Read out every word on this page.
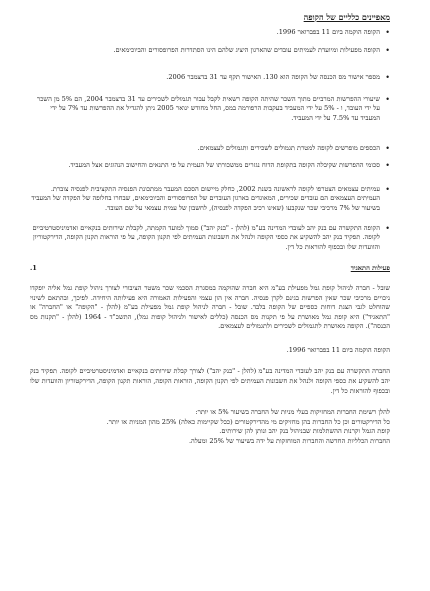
מאפיינים כלליים של הקופה
• הקופה הוקמה ביום 11 בפברואר 1996.
• הקופה מפעילות ומיועדת לעמיתים עובדים שהארגון היציג שלהם הינו הסתדרות הפרופסורים והביוכימאים.
• מספר אישור מס הכנסה של הקופה הוא 130. האישור תקף עד 31 בדצמבר 2006.
• שיעורי ההפרשות המרביים מתוך השכר שהיתה הקופה רשאית לקבל עבור תגמולים לשכירים עד 31 בדצמבר 2004, הם 5% מן השכר על ידי העובד, ו - 5% על ידי המעביד בעקבות הרפורמה במס, החל מחודש ינואר 2005 ניתן להגדיל את ההפרשות עד 7% על ידי המעביד עד 7.5% על ידי המעביד.
• הכספים מופרשים לקופה למטרת תגמולים לשכירים ותגמולים לעצמאים.
• סכומי ההפרשות שקיבלה הקופה בתקופת הדוח נגזרים ממשכורתו של העמית על פי התנאים והחישוב הנהוגים אצל המעביד.
• עמיתים עצמאים הצטרפו לקופה לראשונה בשנת 2002, כחלק מיישום הסכם המעבר ממתכונת הפנסיה התקציבית לפנסיה צוברת. העמיתים העצמאים הם עובדים שכירים, המאוגדים בארגון העובדים של הפרופסורים והביוכימאים, שבחרו בחלופה של הפקדה של המעביד בשיעור של 7% מרכיבי שכר שנקבעו (שאינו רכיב הפקדה לפנסיה), לחשבון של עמית עצמאי על שם העובד.
• הקופה התקשרה עם בנק יהב לעובדי המדינה בע"מ (להלן - "בנק יהב") סמוך למועד הקמתה, לקבלת שירותים בנקאיים ואדמיניסטרטיביים לקופה. תפקיד בנק יהב להשקיע את כספי הקופה ולנהל את חשבונות העמיתים לפי תקנון הקופה, על פי הוראות תקנון הקופה, הדירקטוריון והוועדות שלו ובכפוף להוראות כל דין.
פעילות התאגיד
1.

שובל - חברה לניהול קופת גמל מפעילת בע"מ היא חברה שהוקמה במסגרת הסכמי שכר משטר הציבורי לצורך ניהול קופת גמל אליה יופקדו ניכויים מרכיבי שכר שאין הפרשות בגינם לקרן פנסיה. חברה אין הון עצמי והפעילות האמורה היא פעילותה היחידה. לפיכך, ובהתאם לשינוי שהוחלט לגבי הצגת דוחות כספיים של הקופה בלבד. שובל - חברה לניהול קופת גמל מפעילת בע"מ (להלן - "הקופה" או "החברה" או "התאגיד") היא קופת גמל מאושרת על פי תקנות מס הכנסה (כללים לאישור ולניהול קופות גמל), התשכ"ד - 1964 (להלן - "תקנות מס הכנסה"). הקופה מאושרת לתגמולים לשכירים ולתגמולים לעצמאים.

הקופה הוקמה ביום 11 בפברואר 1996.

החברה התקשרה עם בנק יהב לעובדי המדינה בע"מ (להלן - "בנק יהב") לצורך קבלת שירותים בנקאיים ואדמיניסטרטיביים לקופה. תפקיד בנק יהב להשקיע את כספי הקופה ולנהל את חשבונות העמיתים לפי תקנון הקופה, הוראות הקופה, הוראות תקנון הקופה, הדירקטוריון והוועדות שלו ובכפוף להוראות כל דין.

להלן רשימת החברות המחזיקות בעלי מניות של החברה בשיעור 5% או יותר:
כל הדירקטורים וכן כל החברות בהן מחזיקים מי מהדירקטורים (ככל שקיימות כאלה) 25% מהון המניות או יותר.
קופת הגמל וקרנות ההשתלמות שבניהול בנק יהב ונותן להן שירותים.
החברות הכלליות החדשה והחברות המוחזקות על ידה בשיעור של 25% ומעלה.
